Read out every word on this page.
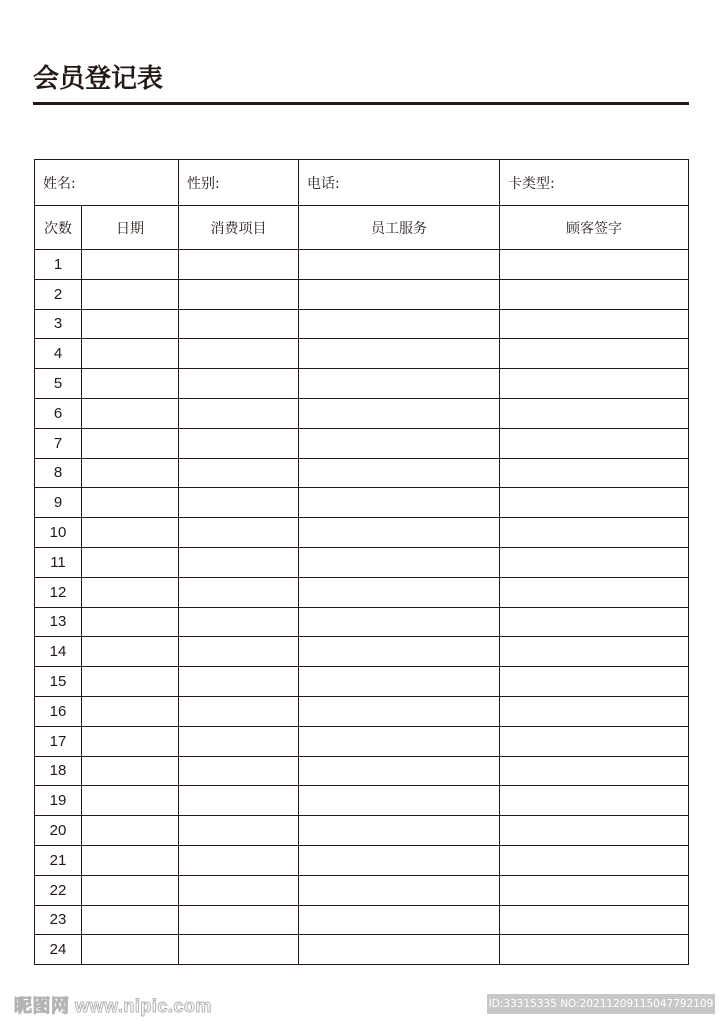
会员登记表
姓名:		性别:	电话:	卡类型:
次数	日期	消费项目	员工服务	顾客签字
1				
2				
3				
4				
5				
6				
7				
8				
9				
10				
11				
12				
13				
14				
15				
16				
17				
18				
19				
20				
21				
22				
23				
24				
昵图网 www.nipic.com	ID:33315335 NO:20211209115047792109
